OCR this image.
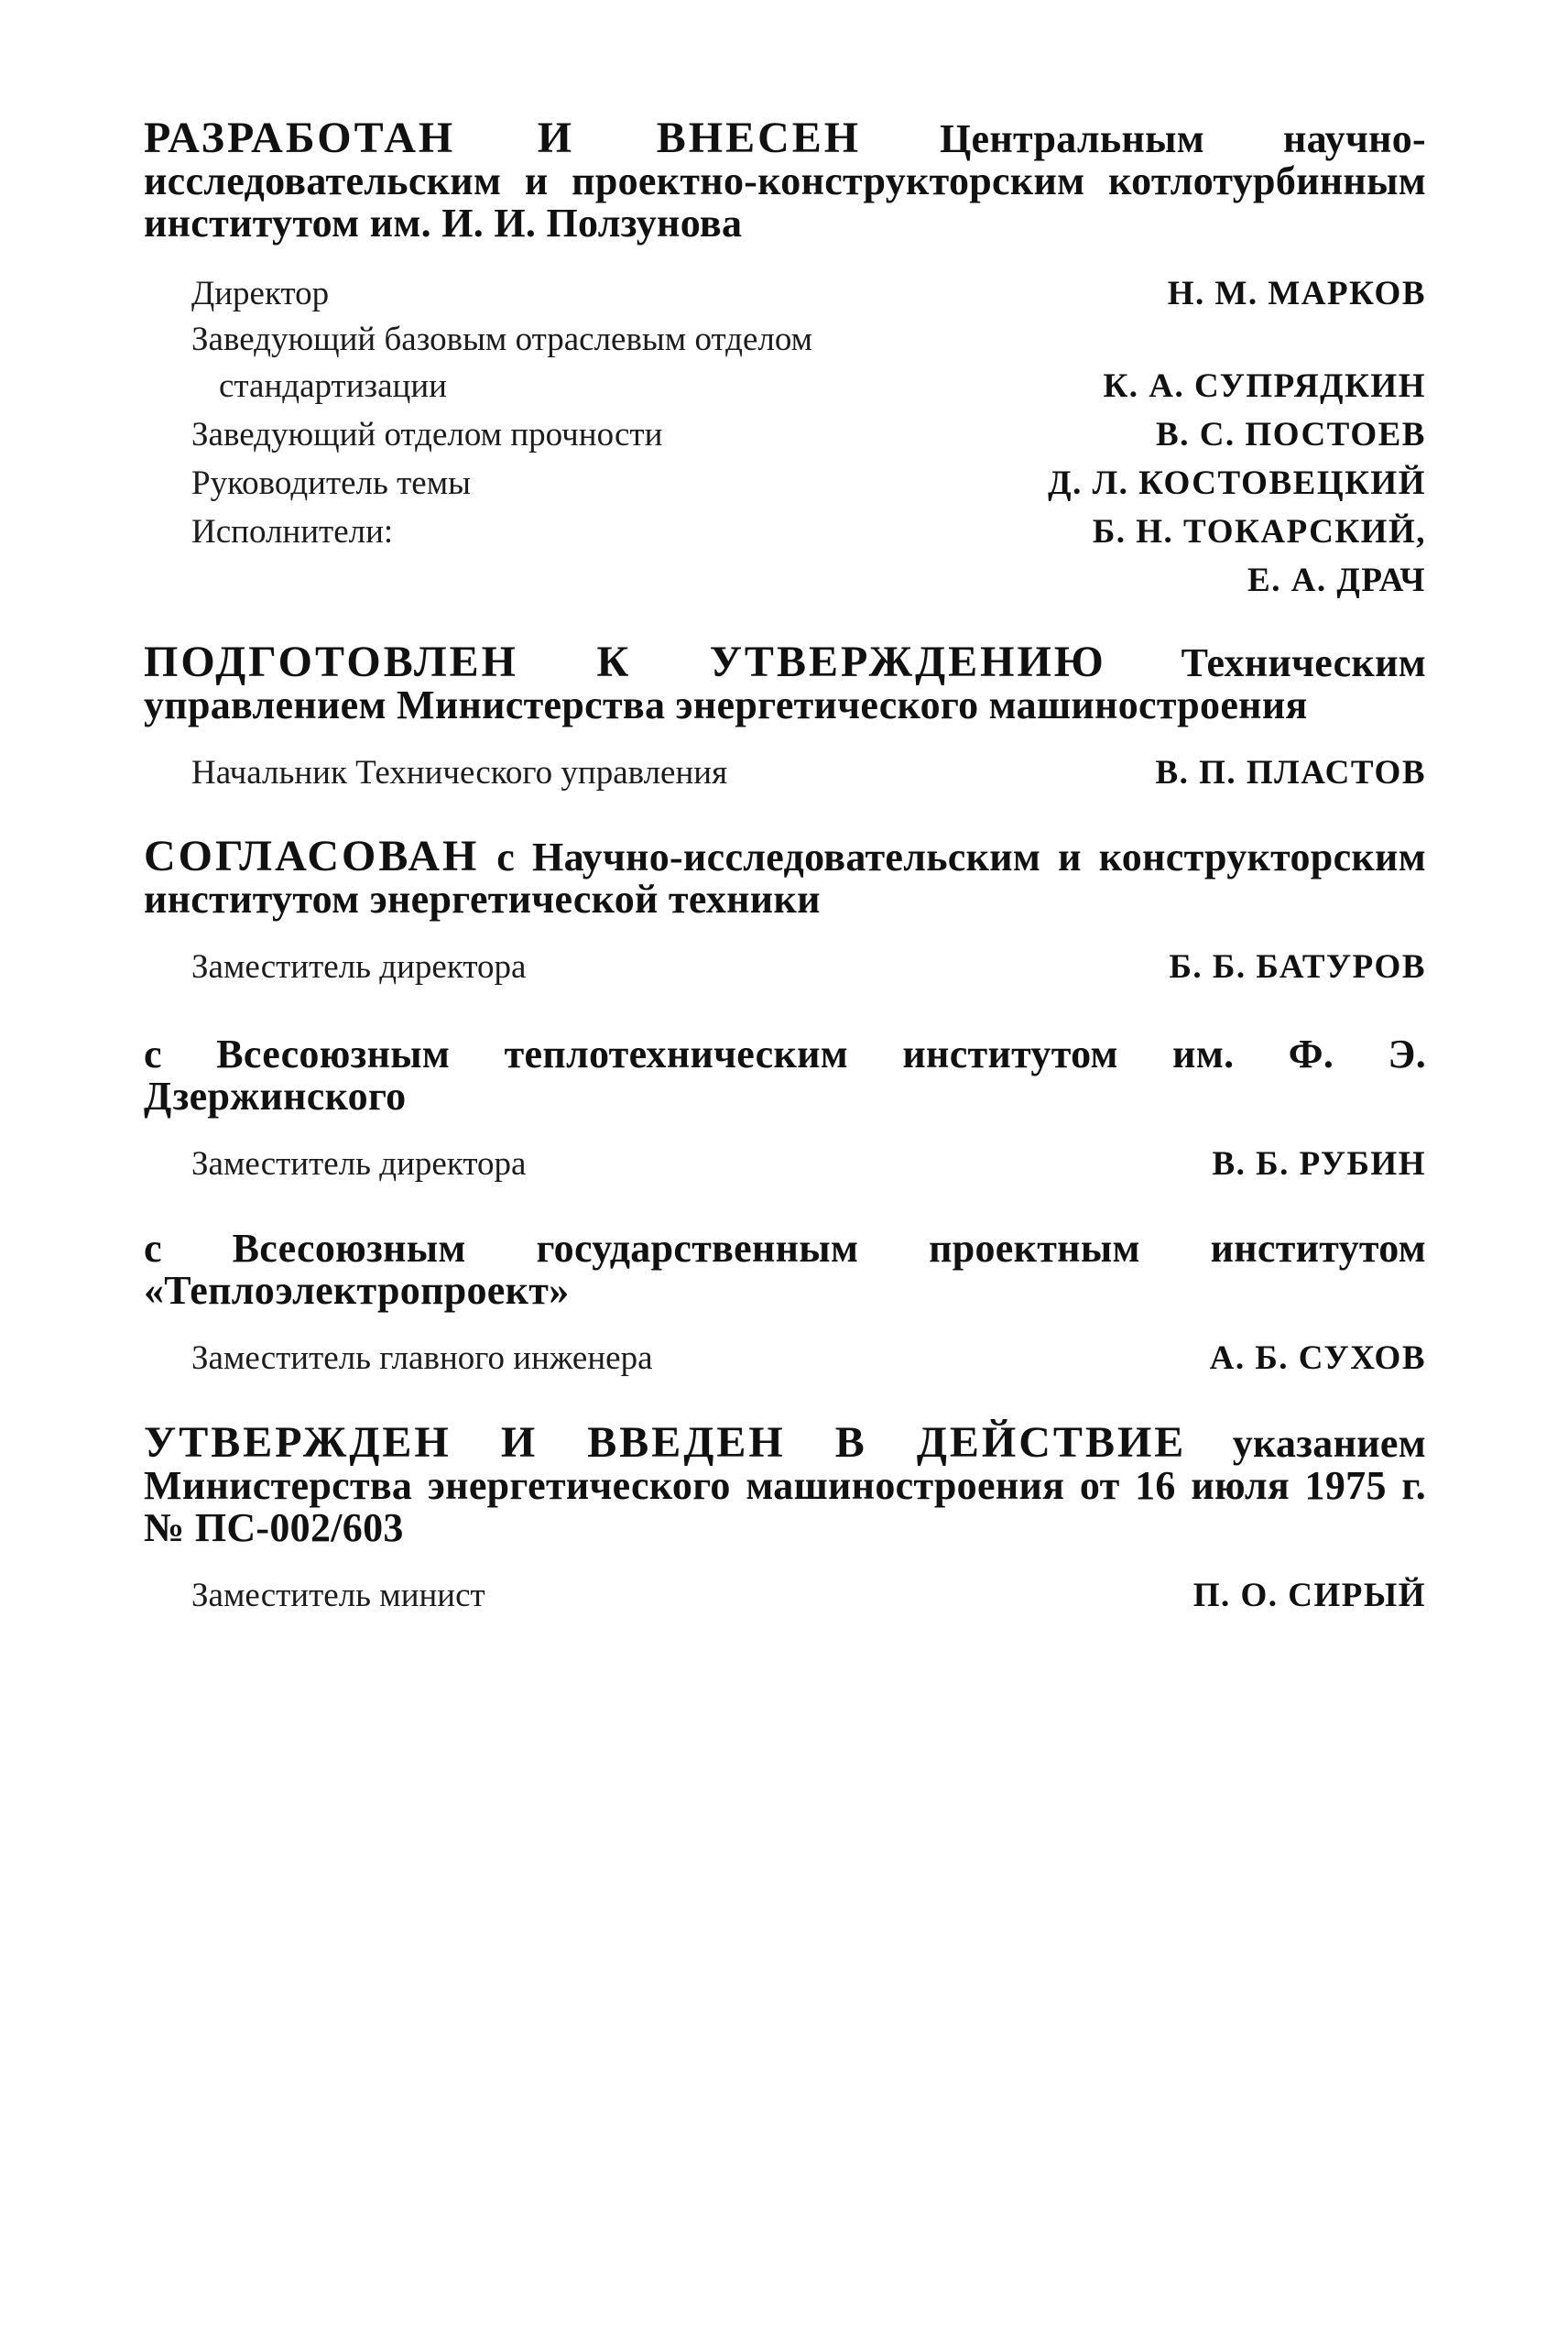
РАЗРАБОТАН И ВНЕСЕН Центральным научно-исследовательским и проектно-конструкторским котлотурбинным институтом им. И. И. Ползунова
Директор	Н. М. МАРКОВ
Заведующий базовым отраслевым отделом
стандартизации	К. А. СУПРЯДКИН
Заведующий отделом прочности	В. С. ПОСТОЕВ
Руководитель темы	Д. Л. КОСТОВЕЦКИЙ
Исполнители:	Б. Н. ТОКАРСКИЙ,
Е. А. ДРАЧ
ПОДГОТОВЛЕН К УТВЕРЖДЕНИЮ Техническим управлением Министерства энергетического машиностроения
Начальник Технического управления	В. П. ПЛАСТОВ
СОГЛАСОВАН с Научно-исследовательским и конструкторским институтом энергетической техники
Заместитель директора	Б. Б. БАТУРОВ
с Всесоюзным теплотехническим институтом им. Ф. Э. Дзержинского
Заместитель директора	В. Б. РУБИН
с Всесоюзным государственным проектным институтом «Теплоэлектропроект»
Заместитель главного инженера	А. Б. СУХОВ
УТВЕРЖДЕН И ВВЕДЕН В ДЕЙСТВИЕ указанием Министерства энергетического машиностроения от 16 июля 1975 г. № ПС-002/603
Заместитель минист	П. О. СИРЫЙ
